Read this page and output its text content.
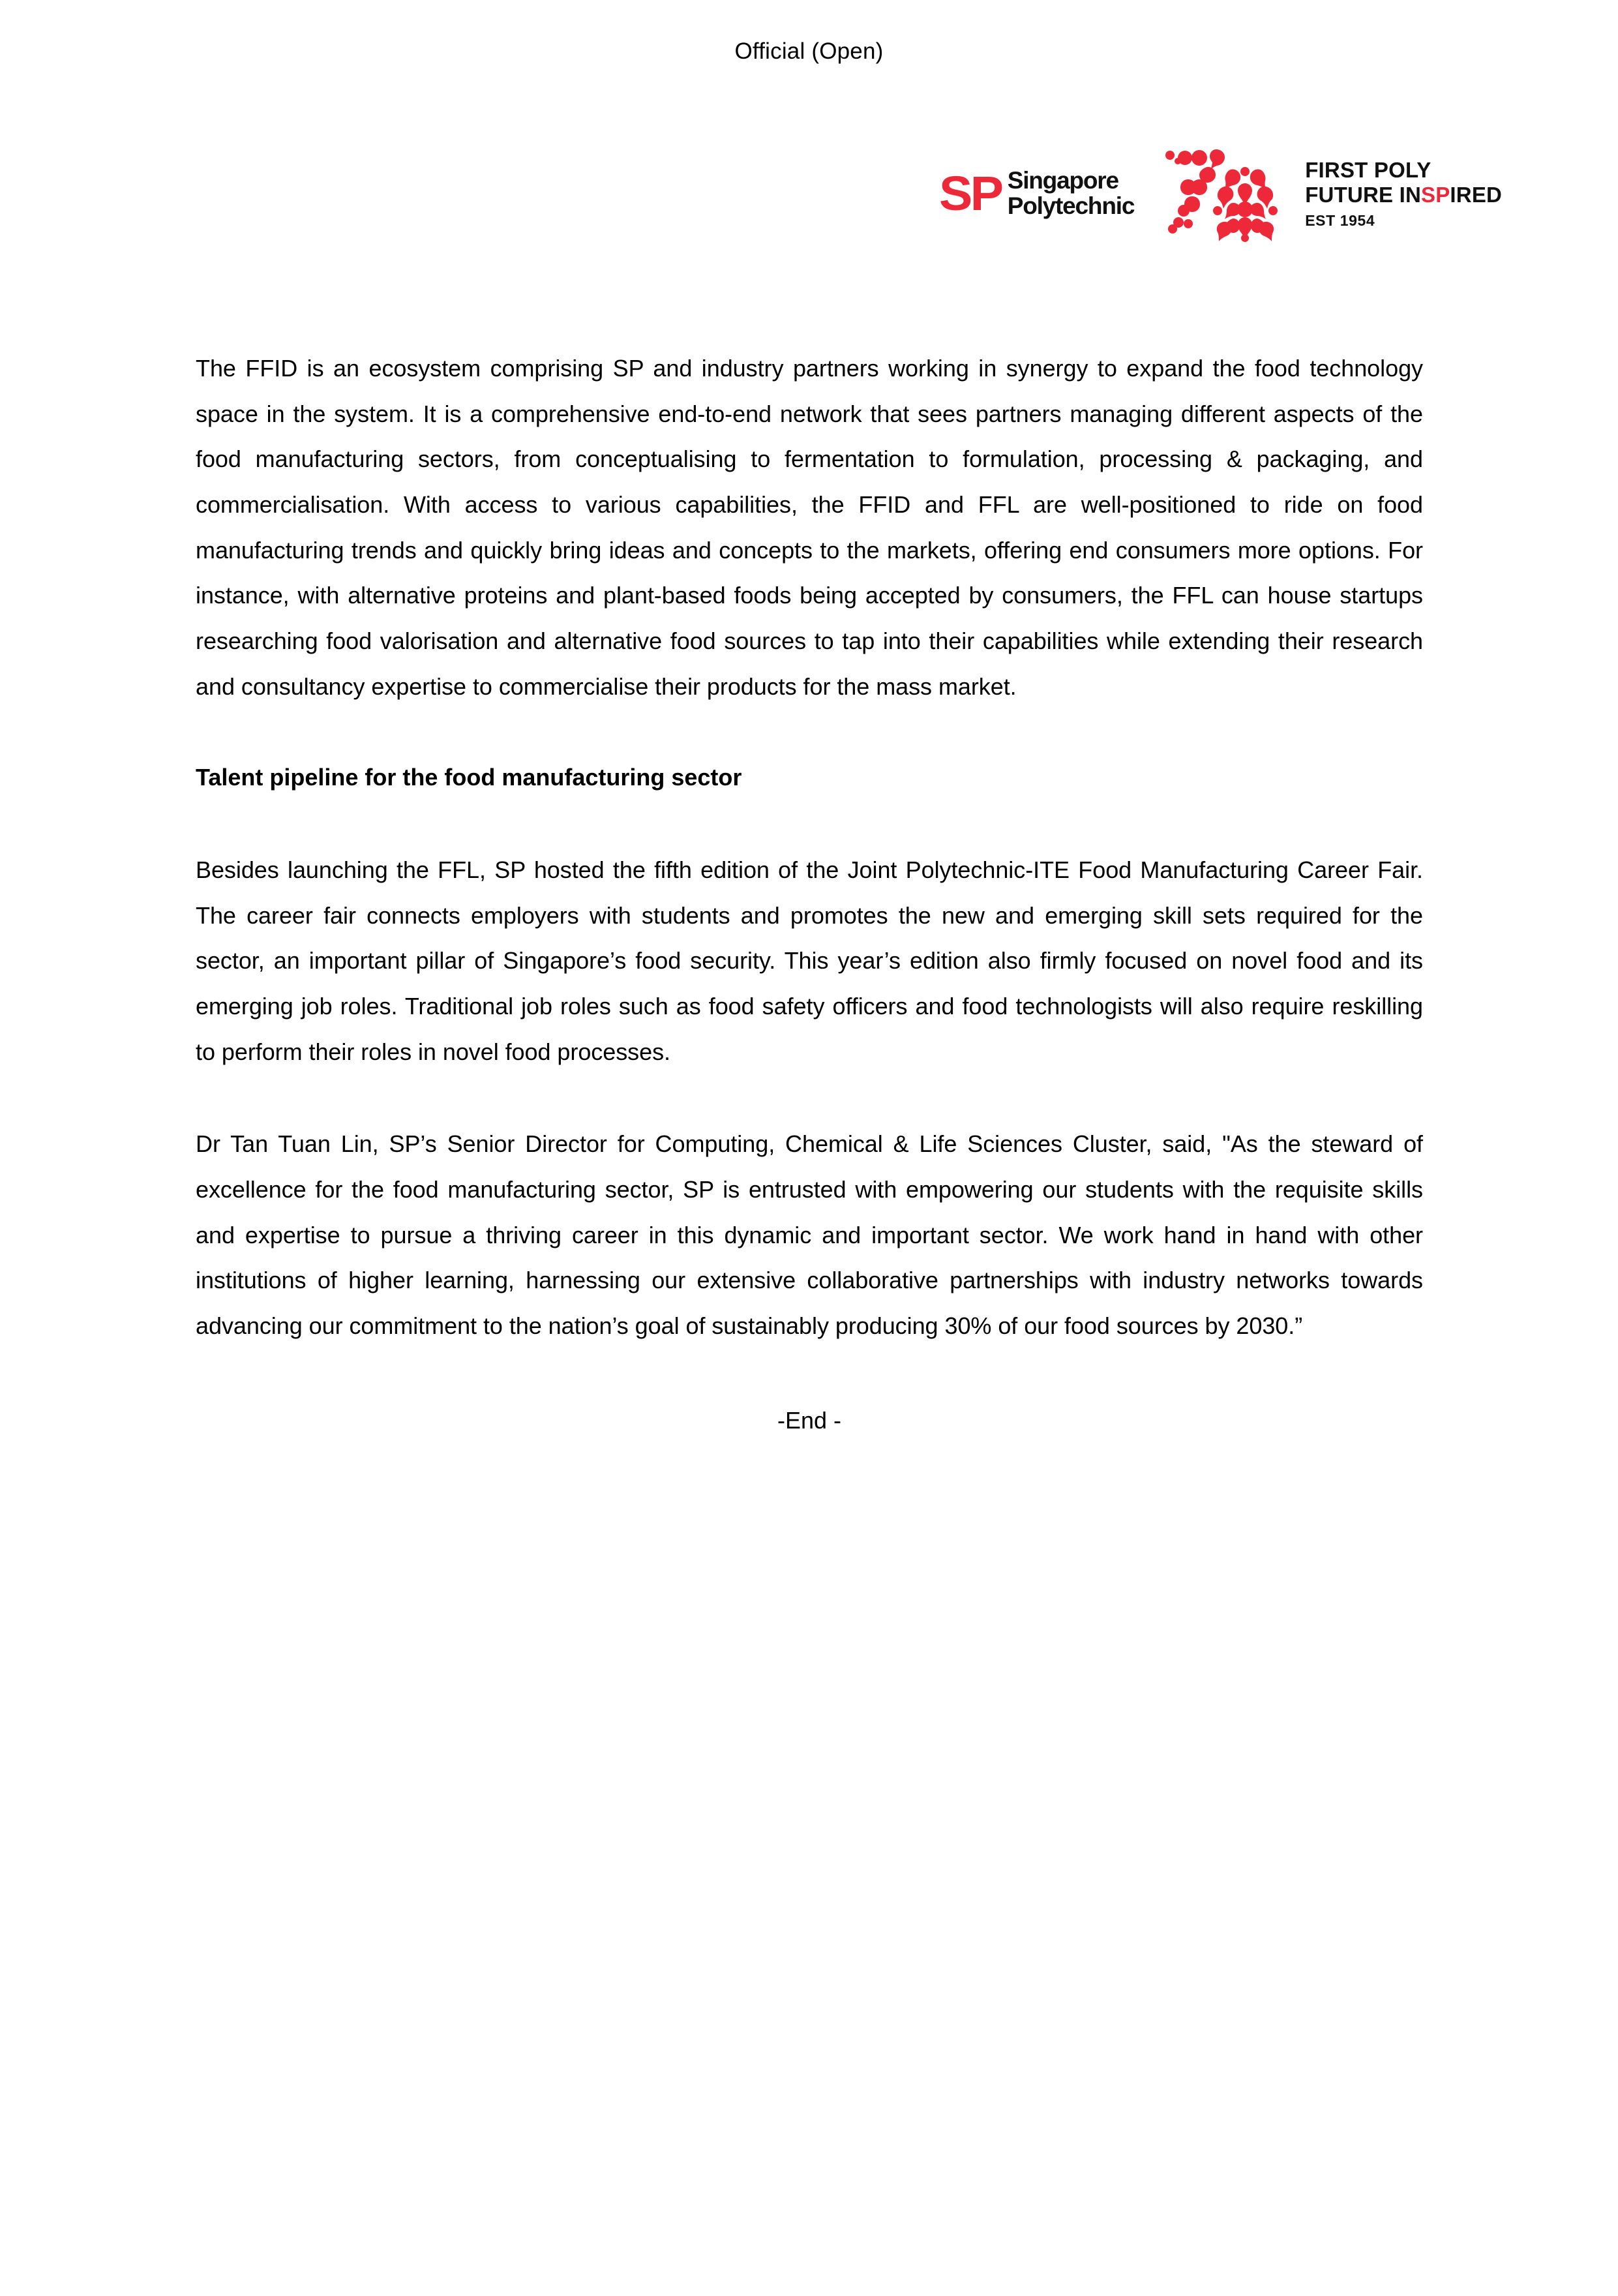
Official (Open)
SP Singapore
Polytechnic
FIRST POLY
FUTURE INSPIRED
EST 1954

The FFID is an ecosystem comprising SP and industry partners working in synergy to expand the food technology space in the system. It is a comprehensive end-to-end network that sees partners managing different aspects of the food manufacturing sectors, from conceptualising to fermentation to formulation, processing & packaging, and commercialisation. With access to various capabilities, the FFID and FFL are well-positioned to ride on food manufacturing trends and quickly bring ideas and concepts to the markets, offering end consumers more options. For instance, with alternative proteins and plant-based foods being accepted by consumers, the FFL can house startups researching food valorisation and alternative food sources to tap into their capabilities while extending their research and consultancy expertise to commercialise their products for the mass market.

Talent pipeline for the food manufacturing sector

Besides launching the FFL, SP hosted the fifth edition of the Joint Polytechnic-ITE Food Manufacturing Career Fair. The career fair connects employers with students and promotes the new and emerging skill sets required for the sector, an important pillar of Singapore’s food security. This year’s edition also firmly focused on novel food and its emerging job roles. Traditional job roles such as food safety officers and food technologists will also require reskilling to perform their roles in novel food processes.

Dr Tan Tuan Lin, SP’s Senior Director for Computing, Chemical & Life Sciences Cluster, said, "As the steward of excellence for the food manufacturing sector, SP is entrusted with empowering our students with the requisite skills and expertise to pursue a thriving career in this dynamic and important sector. We work hand in hand with other institutions of higher learning, harnessing our extensive collaborative partnerships with industry networks towards advancing our commitment to the nation’s goal of sustainably producing 30% of our food sources by 2030.”

-End -
